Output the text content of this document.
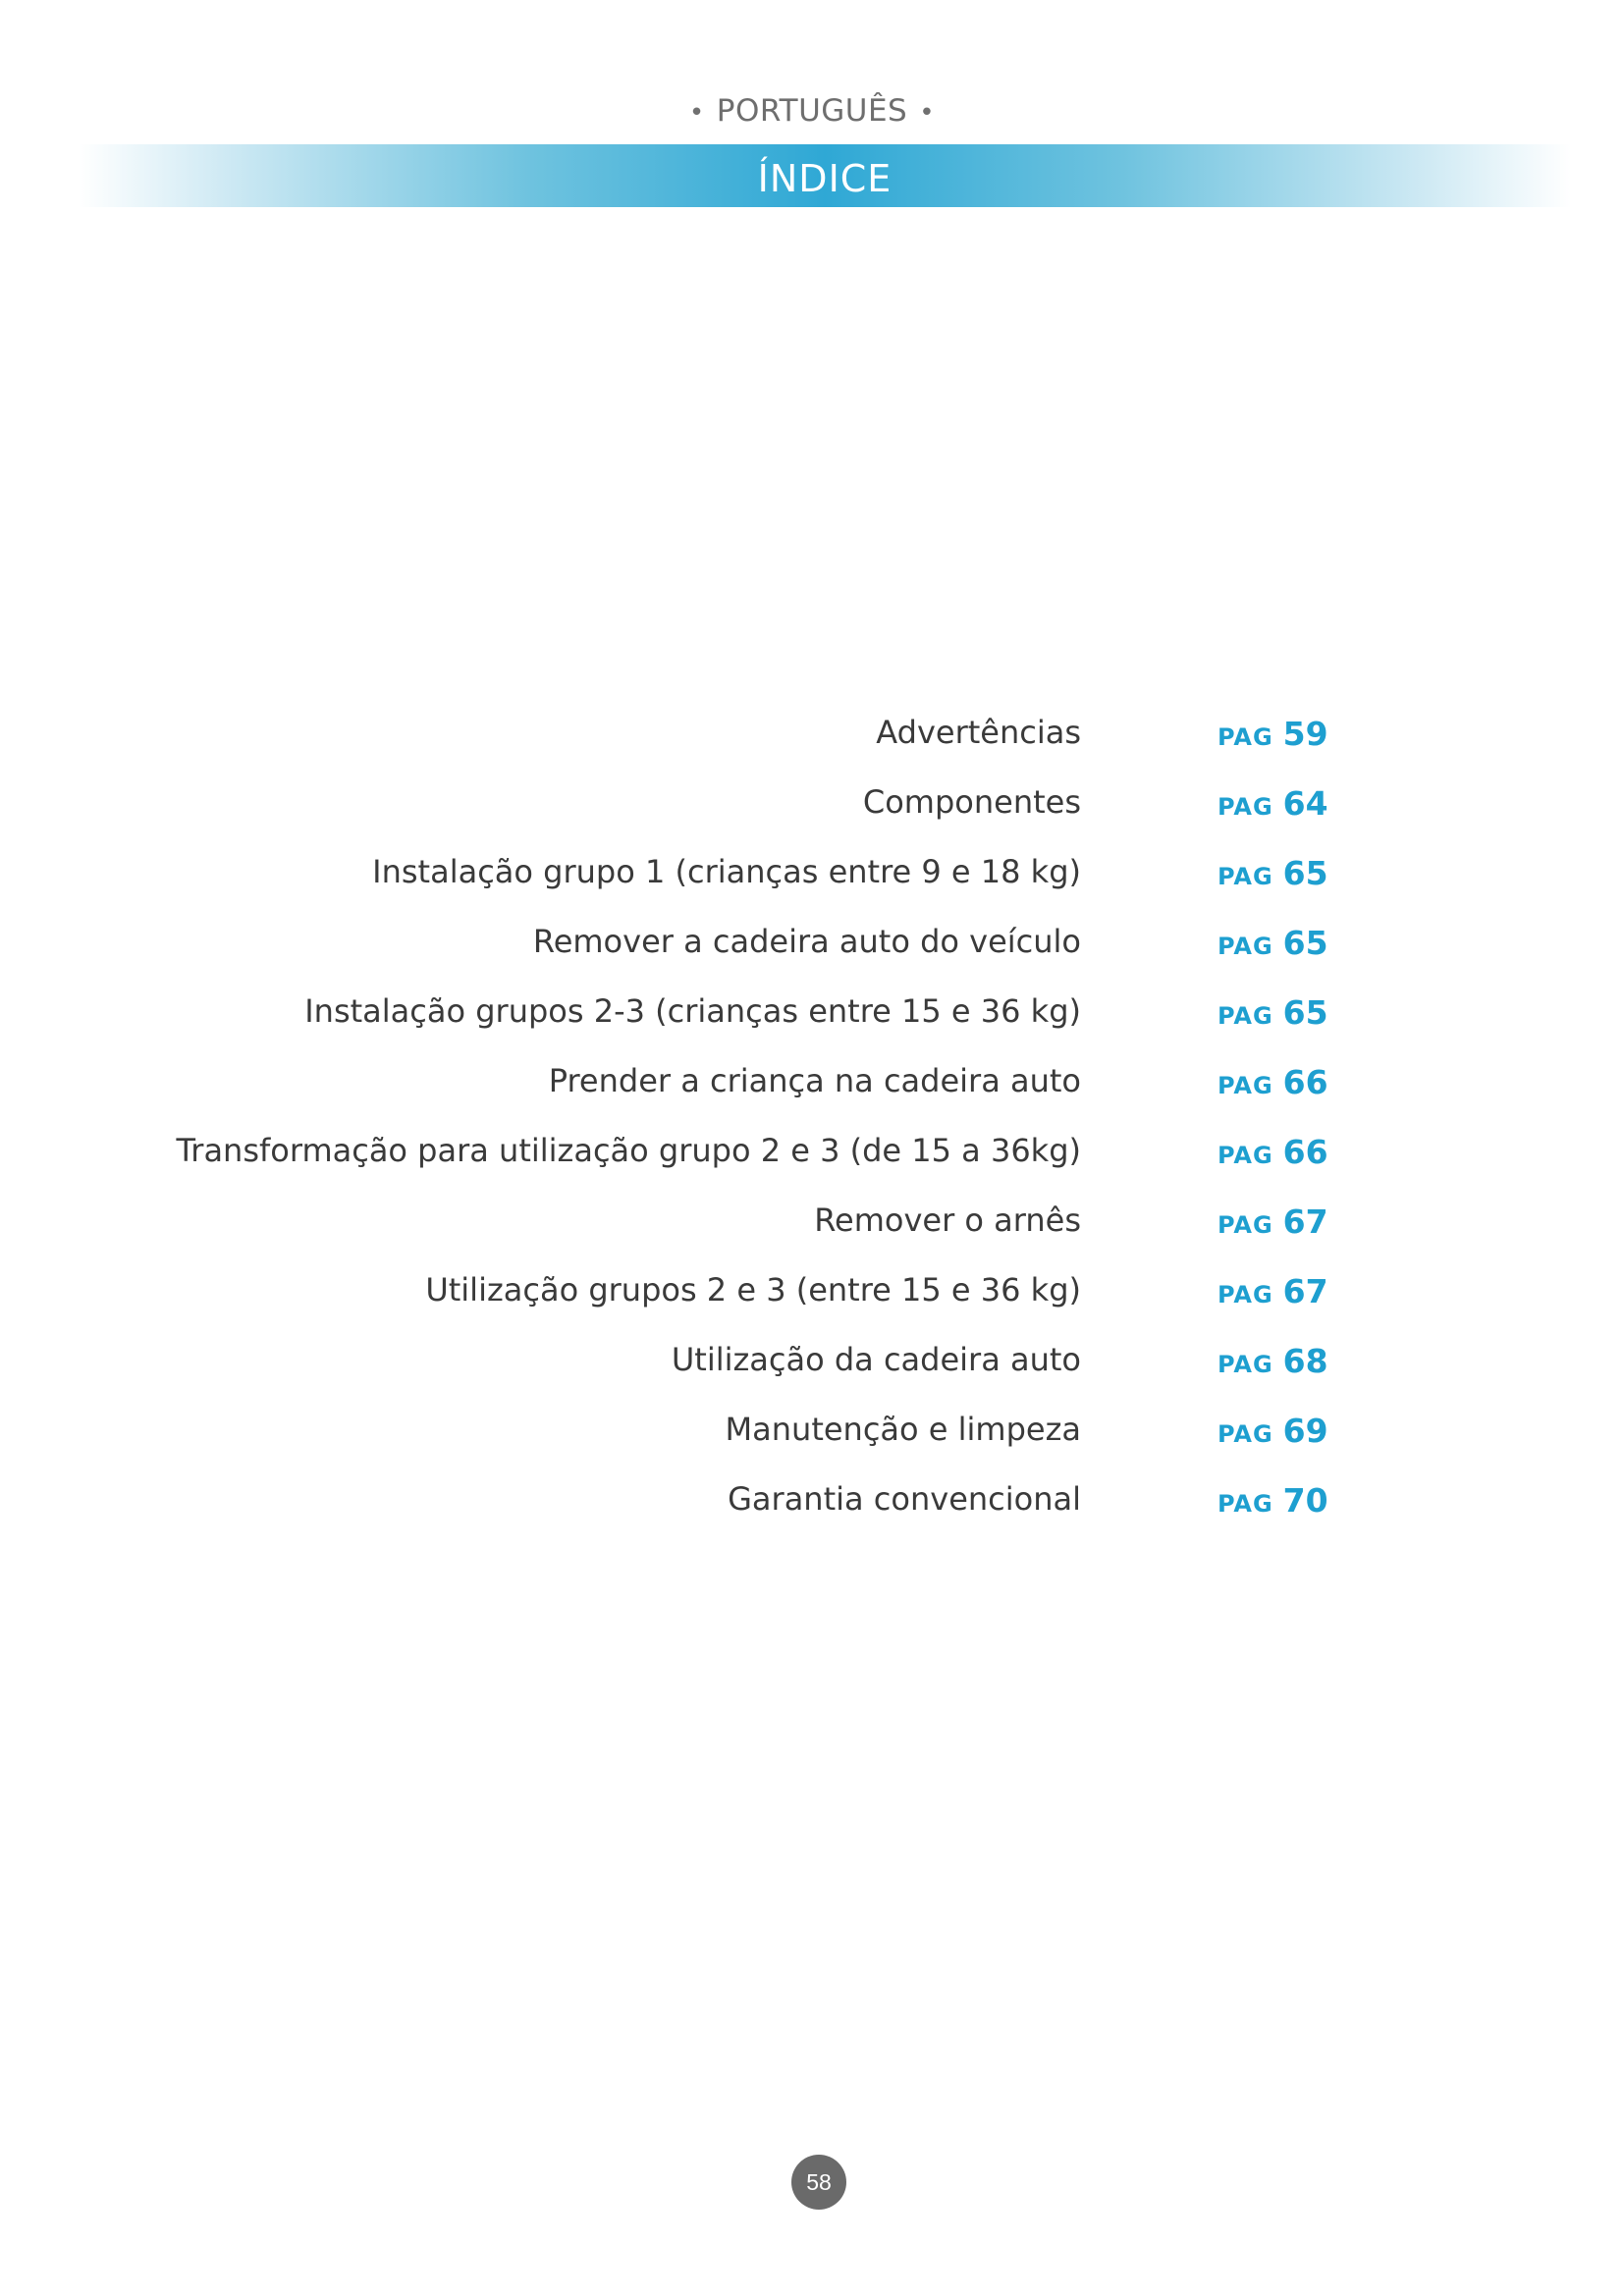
• PORTUGUÊS •
ÍNDICE
Advertências	PAG 59
Componentes	PAG 64
Instalação grupo 1 (crianças entre 9 e 18 kg)	PAG 65
Remover a cadeira auto do veículo	PAG 65
Instalação grupos 2-3 (crianças entre 15 e 36 kg)	PAG 65
Prender a criança na cadeira auto	PAG 66
Transformação para utilização grupo 2 e 3 (de 15 a 36kg)	PAG 66
Remover o arnês	PAG 67
Utilização grupos 2 e 3 (entre 15 e 36 kg)	PAG 67
Utilização da cadeira auto	PAG 68
Manutenção e limpeza	PAG 69
Garantia convencional	PAG 70
58
